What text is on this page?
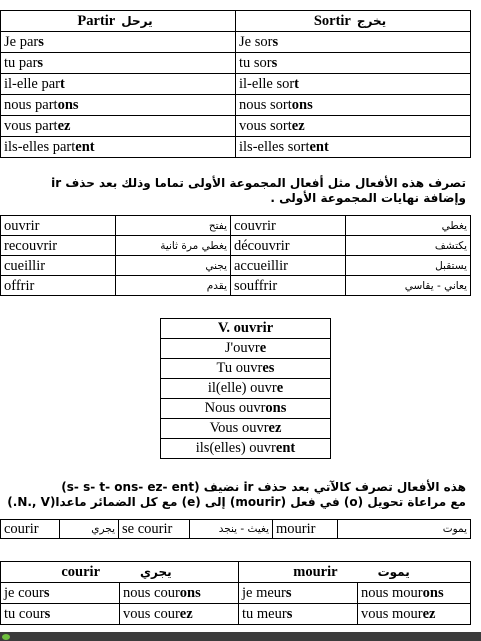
Partir يرحل	Sortir يخرج
Je pars	Je sors
tu pars	tu sors
il-elle part	il-elle sort
nous partons	nous sortons
vous partez	vous sortez
ils-elles partent	ils-elles sortent
تصرف هذه الأفعال مثل أفعال المجموعة الأولى تماما وذلك بعد حذف ir وإضافة نهايات المجموعة الأولى .
ouvrir	يفتح	couvrir	يغطي
recouvrir	يغطي مرة ثانية	découvrir	يكتشف
cueillir	يجني	accueillir	يستقبل
offrir	يقدم	souffrir	يعاني - يقاسي
V. ouvrir
J'ouvre
Tu ouvres
il(elle) ouvre
Nous ouvrons
Vous ouvrez
ils(elles) ouvrent
هذه الأفعال تصرف كالآتي بعد حذف ir نضيف (s- s- t- ons- ez- ent)
مع مراعاة تحويل (o) في فعل (mourir) إلى (e) مع كل الضمائر ماعدا(N., V.)
courir	يجري	se courir	يغيث - ينجد	mourir	يموت
courir يجري		mourir يموت	
je cours	nous courons	je meurs	nous mourons
tu cours	vous courez	tu meurs	vous mourez
